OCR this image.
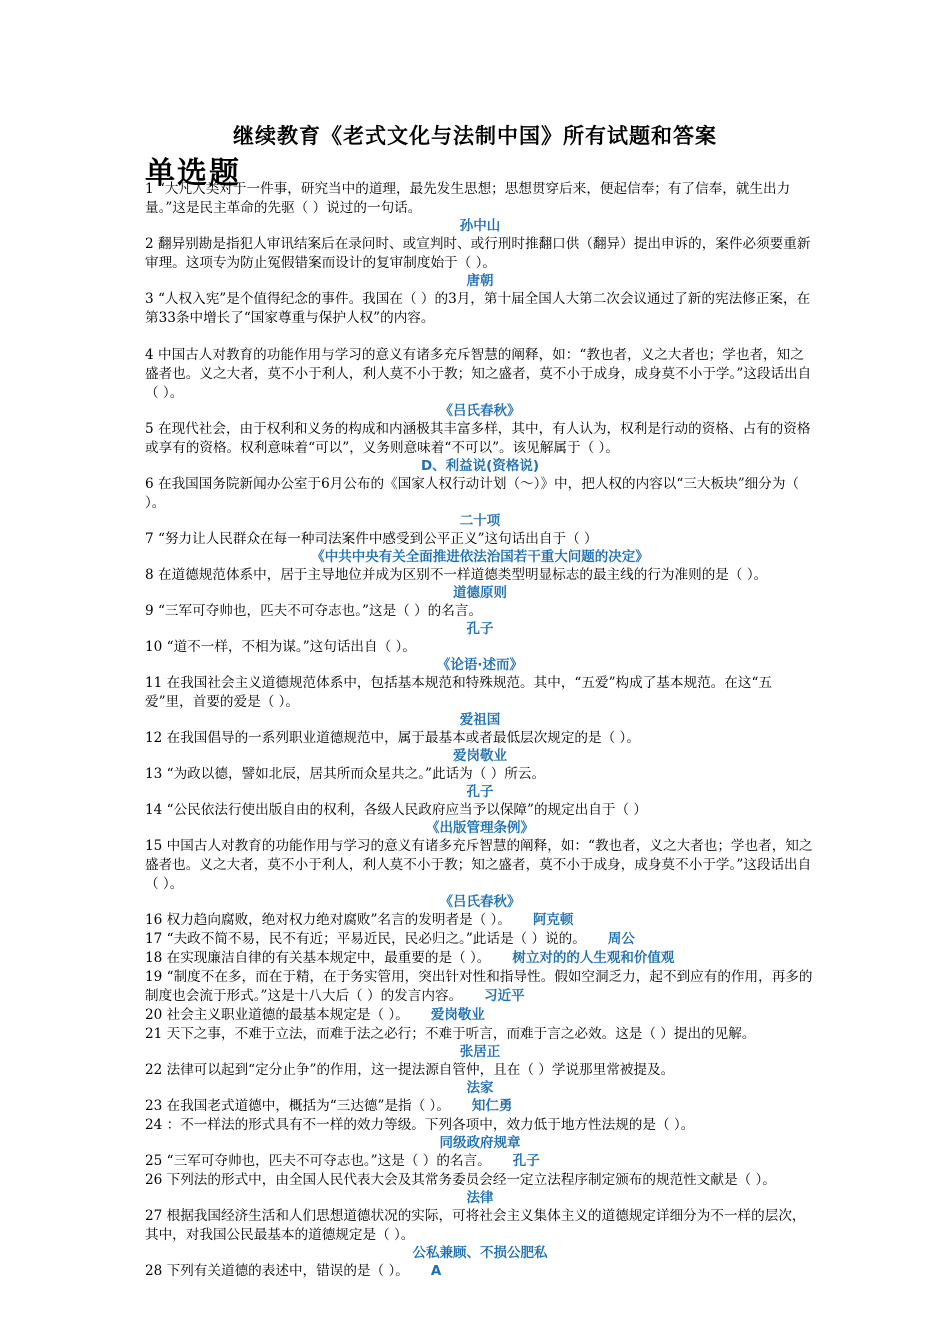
继续教育《老式文化与法制中国》所有试题和答案
单选题
1 “大凡人类对于一件事，研究当中的道理，最先发生思想；思想贯穿后来，便起信奉；有了信奉，就生出力量。”这是民主革命的先驱（ ）说过的一句话。
孙中山
2 翻异别勘是指犯人审讯结案后在录问时、或宣判时、或行刑时推翻口供（翻异）提出申诉的，案件必须要重新审理。这项专为防止冤假错案而设计的复审制度始于（ ）。
唐朝
3 “人权入宪”是个值得纪念的事件。我国在（ ）的3月，第十届全国人大第二次会议通过了新的宪法修正案，在第33条中增长了“国家尊重与保护人权”的内容。
4 中国古人对教育的功能作用与学习的意义有诸多充斥智慧的阐释，如：“教也者，义之大者也；学也者，知之盛者也。义之大者，莫不小于利人，利人莫不小于教；知之盛者，莫不小于成身，成身莫不小于学。”这段话出自（ ）。
《吕氏春秋》
5 在现代社会，由于权利和义务的构成和内涵极其丰富多样，其中，有人认为，权利是行动的资格、占有的资格或享有的资格。权利意味着“可以”，义务则意味着“不可以”。该见解属于（ ）。
D、利益说(资格说)
6 在我国国务院新闻办公室于6月公布的《国家人权行动计划（～）》中，把人权的内容以“三大板块”细分为（ ）。
二十项
7 “努力让人民群众在每一种司法案件中感受到公平正义”这句话出自于（ ）
《中共中央有关全面推进依法治国若干重大问题的决定》
8 在道德规范体系中，居于主导地位并成为区别不一样道德类型明显标志的最主线的行为准则的是（ ）。
道德原则
9 “三军可夺帅也，匹夫不可夺志也。”这是（ ）的名言。
孔子
10 “道不一样，不相为谋。”这句话出自（ ）。
《论语·述而》
11 在我国社会主义道德规范体系中，包括基本规范和特殊规范。其中，“五爱”构成了基本规范。在这“五爱”里，首要的爱是（ ）。
爱祖国
12 在我国倡导的一系列职业道德规范中，属于最基本或者最低层次规定的是（ ）。
爱岗敬业
13 “为政以德，譬如北辰，居其所而众星共之。”此话为（ ）所云。
孔子
14 “公民依法行使出版自由的权利，各级人民政府应当予以保障”的规定出自于（ ）
《出版管理条例》
15 中国古人对教育的功能作用与学习的意义有诸多充斥智慧的阐释，如：“教也者，义之大者也；学也者，知之盛者也。义之大者，莫不小于利人，利人莫不小于教；知之盛者，莫不小于成身，成身莫不小于学。”这段话出自（ ）。
《吕氏春秋》
16 权力趋向腐败，绝对权力绝对腐败”名言的发明者是（ ）。 阿克顿
17 “夫政不简不易，民不有近；平易近民，民必归之。”此话是（ ）说的。 周公
18 在实现廉洁自律的有关基本规定中，最重要的是（ ）。 树立对的的人生观和价值观
19 “制度不在多，而在于精，在于务实管用，突出针对性和指导性。假如空洞乏力，起不到应有的作用，再多的制度也会流于形式。”这是十八大后（ ）的发言内容。 习近平
20 社会主义职业道德的最基本规定是（ ）。 爱岗敬业
21 天下之事，不难于立法，而难于法之必行；不难于听言，而难于言之必效。这是（ ）提出的见解。
张居正
22 法律可以起到“定分止争”的作用，这一提法源自管仲，且在（ ）学说那里常被提及。
法家
23 在我国老式道德中，概括为“三达德”是指（ ）。 知仁勇
24 ：不一样法的形式具有不一样的效力等级。下列各项中，效力低于地方性法规的是（ ）。
同级政府规章
25 “三军可夺帅也，匹夫不可夺志也。”这是（ ）的名言。 孔子
26 下列法的形式中，由全国人民代表大会及其常务委员会经一定立法程序制定颁布的规范性文献是（ ）。
法律
27 根据我国经济生活和人们思想道德状况的实际，可将社会主义集体主义的道德规定详细分为不一样的层次，其中，对我国公民最基本的道德规定是（ ）。
公私兼顾、不损公肥私
28 下列有关道德的表述中，错误的是（ ）。 A
